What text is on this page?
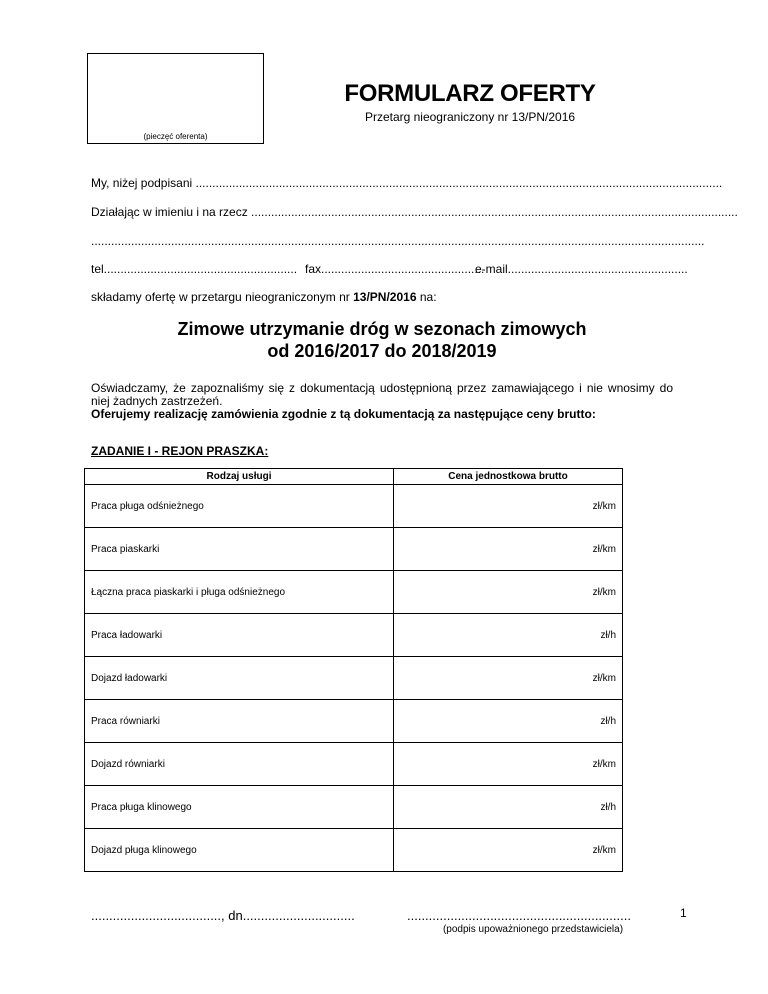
(pieczęć oferenta)
FORMULARZ OFERTY
Przetarg nieograniczony nr 13/PN/2016
My, niżej podpisani ..............................................................................................................................................................
Działając w imieniu i na rzecz ..................................................................................................................................................
........................................................................................................................................................................................
tel.......................................................... fax.................................................e-mail......................................................
składamy ofertę w przetargu nieograniczonym nr 13/PN/2016 na:
Zimowe utrzymanie dróg w sezonach zimowych
od 2016/2017 do 2018/2019
Oświadczamy, że zapoznaliśmy się z dokumentacją udostępnioną przez zamawiającego i nie wnosimy do niej żadnych zastrzeżeń.
Oferujemy realizację zamówienia zgodnie z tą dokumentacją za następujące ceny brutto:
ZADANIE I - REJON PRASZKA:
Rodzaj usługi	Cena jednostkowa brutto
Praca pługa odśnieżnego	zł/km
Praca piaskarki	zł/km
Łączna praca piaskarki i pługa odśnieżnego	zł/km
Praca ładowarki	zł/h
Dojazd ładowarki	zł/km
Praca równiarki	zł/h
Dojazd równiarki	zł/km
Praca pługa klinowego	zł/h
Dojazd pługa klinowego	zł/km
...................................., dn...............................	..............................................................
(podpis upoważnionego przedstawiciela)
1
